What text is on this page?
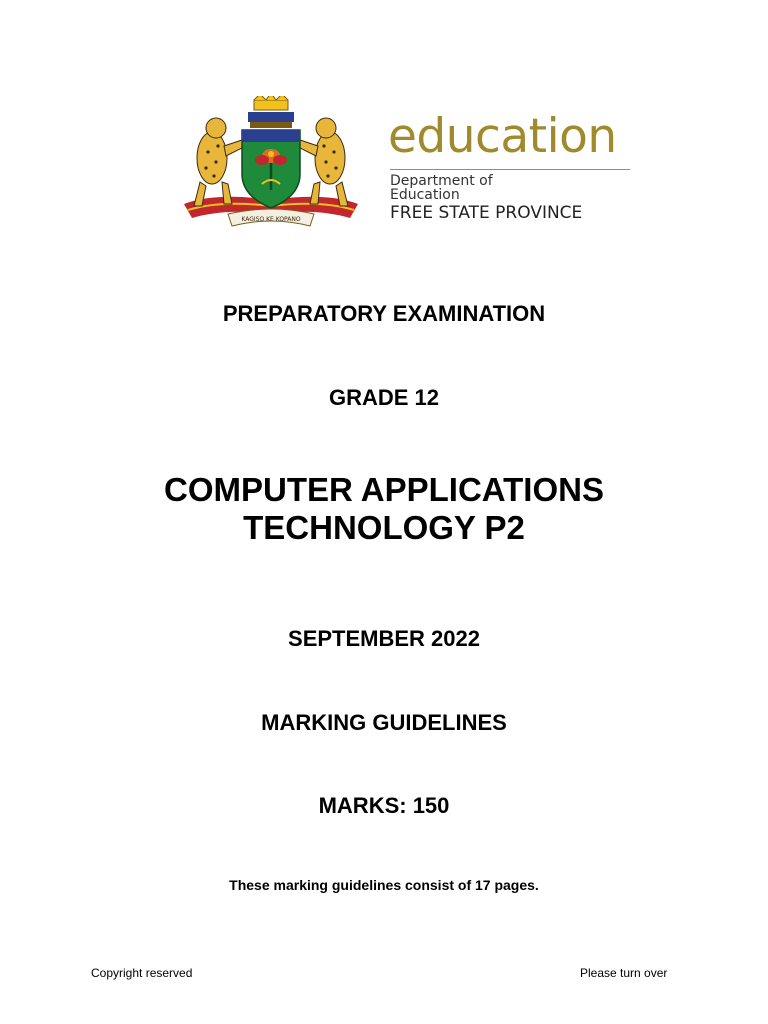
KAGISO KE KOPANO
education
Department of
Education
FREE STATE PROVINCE
PREPARATORY EXAMINATION
GRADE 12
COMPUTER APPLICATIONS
TECHNOLOGY P2
SEPTEMBER 2022
MARKING GUIDELINES
MARKS: 150
These marking guidelines consist of 17 pages.
Copyright reserved	Please turn over
